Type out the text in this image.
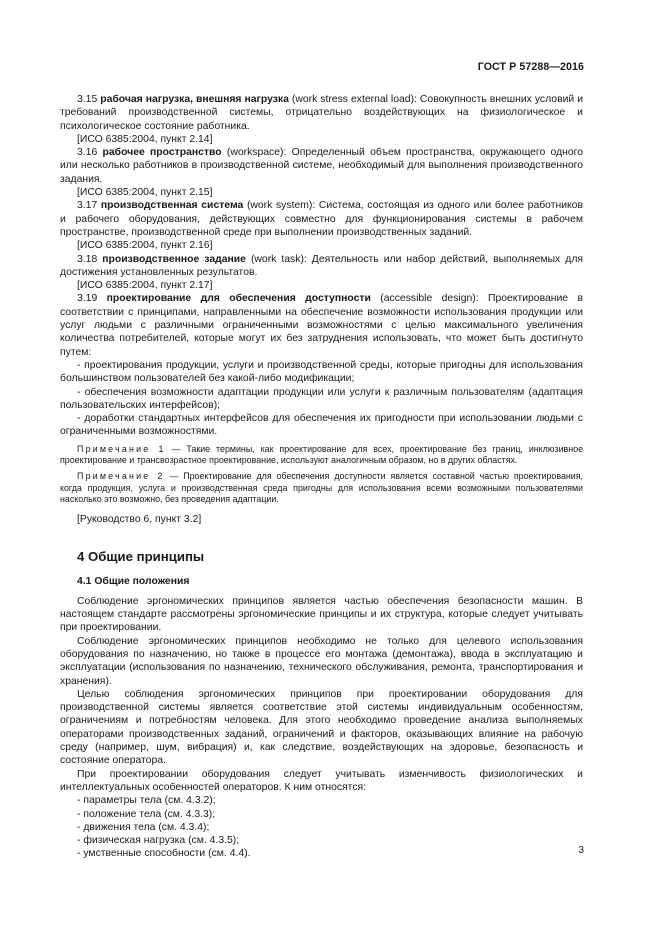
ГОСТ Р 57288—2016

3.15 рабочая нагрузка, внешняя нагрузка (work stress external load): Совокупность внешних условий и требований производственной системы, отрицательно воздействующих на физиологическое и психологическое состояние работника.

[ИСО 6385:2004, пункт 2.14]

3.16 рабочее пространство (workspace): Определенный объем пространства, окружающего одного или несколько работников в производственной системе, необходимый для выполнения производственного задания.

[ИСО 6385:2004, пункт 2.15]

3.17 производственная система (work system): Система, состоящая из одного или более работников и рабочего оборудования, действующих совместно для функционирования системы в рабочем пространстве, производственной среде при выполнении производственных заданий.

[ИСО 6385:2004, пункт 2.16]

3.18 производственное задание (work task): Деятельность или набор действий, выполняемых для достижения установленных результатов.

[ИСО 6385:2004, пункт 2.17]

3.19 проектирование для обеспечения доступности (accessible design): Проектирование в соответствии с принципами, направленными на обеспечение возможности использования продукции или услуг людьми с различными ограниченными возможностями с целью максимального увеличения количества потребителей, которые могут их без затруднения использовать, что может быть достигнуто путем:

- проектирования продукции, услуги и производственной среды, которые пригодны для использования большинством пользователей без какой-либо модификации;

- обеспечения возможности адаптации продукции или услуги к различным пользователям (адаптация пользовательских интерфейсов);

- доработки стандартных интерфейсов для обеспечения их пригодности при использовании людьми с ограниченными возможностями.

Примечание 1 — Такие термины, как проектирование для всех, проектирование без границ, инклюзивное проектирование и трансвозрастное проектирование, используют аналогичным образом, но в других областях.

Примечание 2 — Проектирование для обеспечения доступности является составной частью проектирования, когда продукция, услуга и производственная среда пригодны для использования всеми возможными пользователями насколько это возможно, без проведения адаптации.

[Руководство 6, пункт 3.2]

4 Общие принципы

4.1 Общие положения

Соблюдение эргономических принципов является частью обеспечения безопасности машин. В настоящем стандарте рассмотрены эргономические принципы и их структура, которые следует учитывать при проектировании.

Соблюдение эргономических принципов необходимо не только для целевого использования оборудования по назначению, но также в процессе его монтажа (демонтажа), ввода в эксплуатацию и эксплуатации (использования по назначению, технического обслуживания, ремонта, транспортирования и хранения).

Целью соблюдения эргономических принципов при проектировании оборудования для производственной системы является соответствие этой системы индивидуальным особенностям, ограничениям и потребностям человека. Для этого необходимо проведение анализа выполняемых операторами производственных заданий, ограничений и факторов, оказывающих влияние на рабочую среду (например, шум, вибрация) и, как следствие, воздействующих на здоровье, безопасность и состояние оператора.

При проектировании оборудования следует учитывать изменчивость физиологических и интеллектуальных особенностей операторов. К ним относятся:

- параметры тела (см. 4.3.2);

- положение тела (см. 4.3.3);

- движения тела (см. 4.3.4);

- физическая нагрузка (см. 4.3.5);

- умственные способности (см. 4.4).	3
